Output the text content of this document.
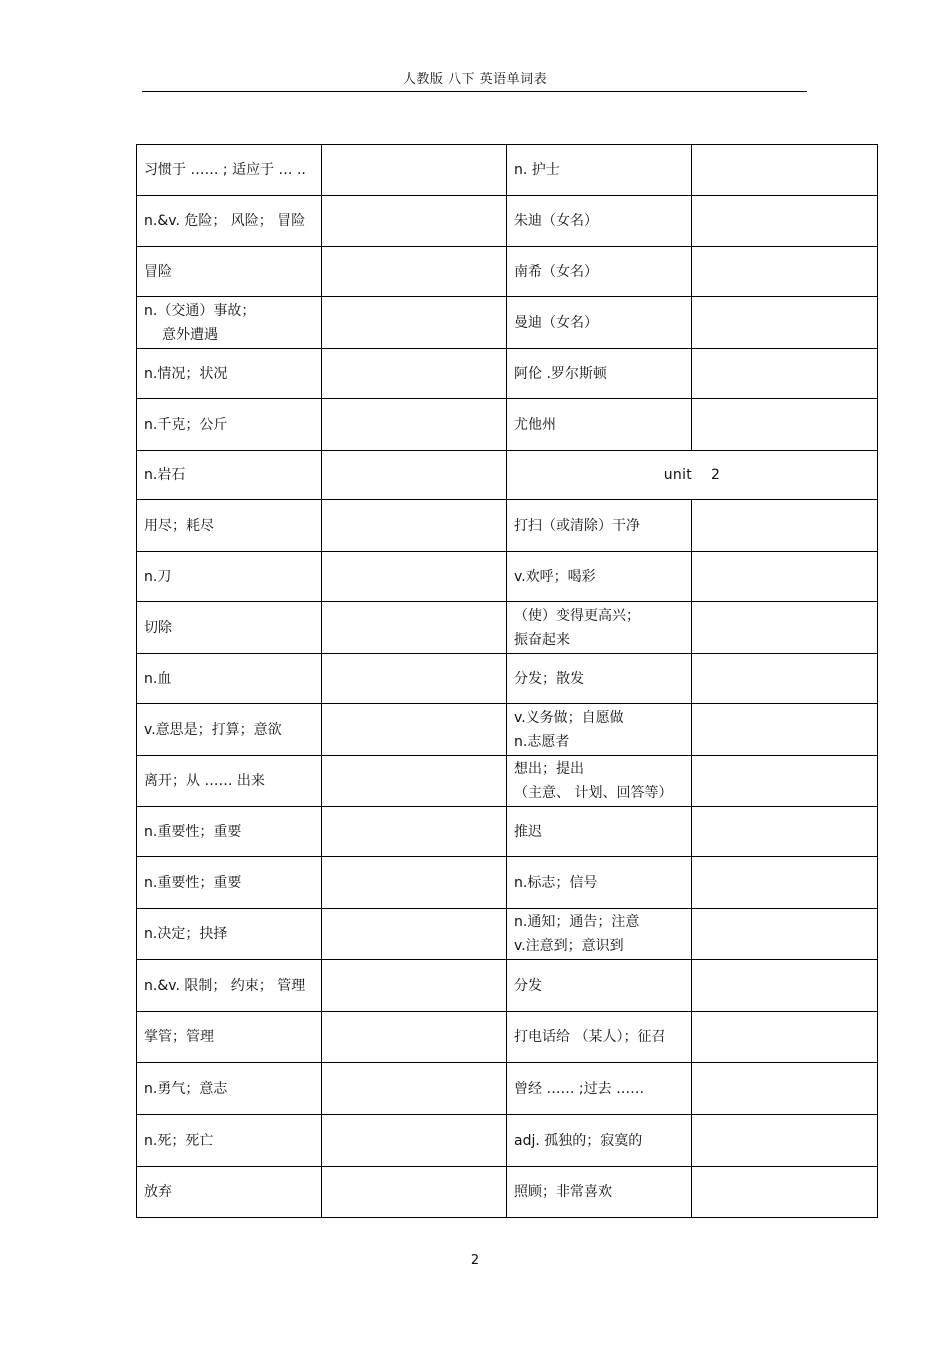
人教版 八下 英语单词表
习惯于 …… ; 适应于 … ..		n. 护士	

n.&v. 危险； 风险； 冒险		朱迪（女名）	

冒险		南希（女名）	

n.（交通）事故；
意外遭遇		曼迪（女名）	

n.情况；状况		阿伦 .罗尔斯顿	

n.千克；公斤		尤他州	

n.岩石		unit    2	

用尽；耗尽		打扫（或清除）干净	

n.刀		v.欢呼；喝彩	

切除		（使）变得更高兴；
振奋起来	

n.血		分发；散发	

v.意思是；打算；意欲		v.义务做；自愿做
n.志愿者	

离开；从 …… 出来		想出；提出
（主意、 计划、回答等）	

n.重要性；重要		推迟	

n.重要性；重要		n.标志；信号	

n.决定；抉择		n.通知；通告；注意
v.注意到；意识到	

n.&v. 限制； 约束； 管理		分发	

掌管；管理		打电话给 （某人）；征召	

n.勇气；意志		曾经 …… ;过去 ……	

n.死；死亡		adj. 孤独的；寂寞的	

放弃		照顾；非常喜欢	

2
